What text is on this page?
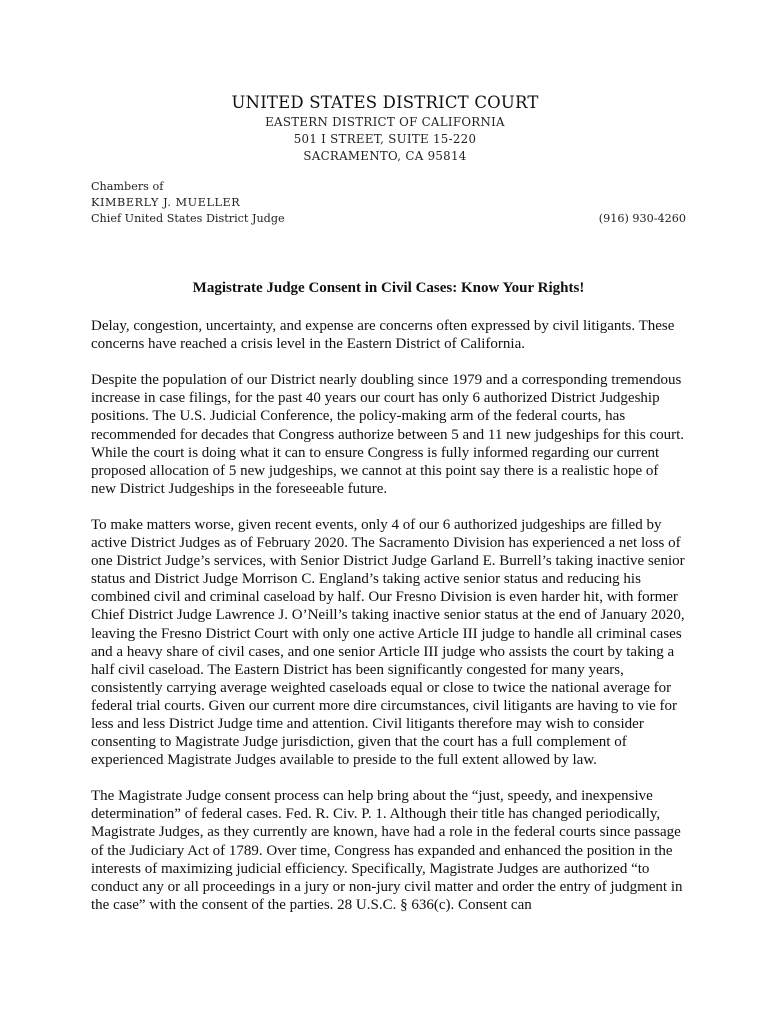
UNITED STATES DISTRICT COURT
EASTERN DISTRICT OF CALIFORNIA
501 I STREET, SUITE 15-220
SACRAMENTO, CA 95814
Chambers of
KIMBERLY J. MUELLER
Chief United States District Judge	(916) 930-4260
Magistrate Judge Consent in Civil Cases: Know Your Rights!

Delay, congestion, uncertainty, and expense are concerns often expressed by civil litigants. These concerns have reached a crisis level in the Eastern District of California.

Despite the population of our District nearly doubling since 1979 and a corresponding tremendous increase in case filings, for the past 40 years our court has only 6 authorized District Judgeship positions. The U.S. Judicial Conference, the policy-making arm of the federal courts, has recommended for decades that Congress authorize between 5 and 11 new judgeships for this court. While the court is doing what it can to ensure Congress is fully informed regarding our current proposed allocation of 5 new judgeships, we cannot at this point say there is a realistic hope of new District Judgeships in the foreseeable future.

To make matters worse, given recent events, only 4 of our 6 authorized judgeships are filled by active District Judges as of February 2020. The Sacramento Division has experienced a net loss of one District Judge’s services, with Senior District Judge Garland E. Burrell’s taking inactive senior status and District Judge Morrison C. England’s taking active senior status and reducing his combined civil and criminal caseload by half. Our Fresno Division is even harder hit, with former Chief District Judge Lawrence J. O’Neill’s taking inactive senior status at the end of January 2020, leaving the Fresno District Court with only one active Article III judge to handle all criminal cases and a heavy share of civil cases, and one senior Article III judge who assists the court by taking a half civil caseload. The Eastern District has been significantly congested for many years, consistently carrying average weighted caseloads equal or close to twice the national average for federal trial courts. Given our current more dire circumstances, civil litigants are having to vie for less and less District Judge time and attention. Civil litigants therefore may wish to consider consenting to Magistrate Judge jurisdiction, given that the court has a full complement of experienced Magistrate Judges available to preside to the full extent allowed by law.

The Magistrate Judge consent process can help bring about the “just, speedy, and inexpensive determination” of federal cases. Fed. R. Civ. P. 1. Although their title has changed periodically, Magistrate Judges, as they currently are known, have had a role in the federal courts since passage of the Judiciary Act of 1789. Over time, Congress has expanded and enhanced the position in the interests of maximizing judicial efficiency. Specifically, Magistrate Judges are authorized “to conduct any or all proceedings in a jury or non-jury civil matter and order the entry of judgment in the case” with the consent of the parties. 28 U.S.C. § 636(c). Consent can
